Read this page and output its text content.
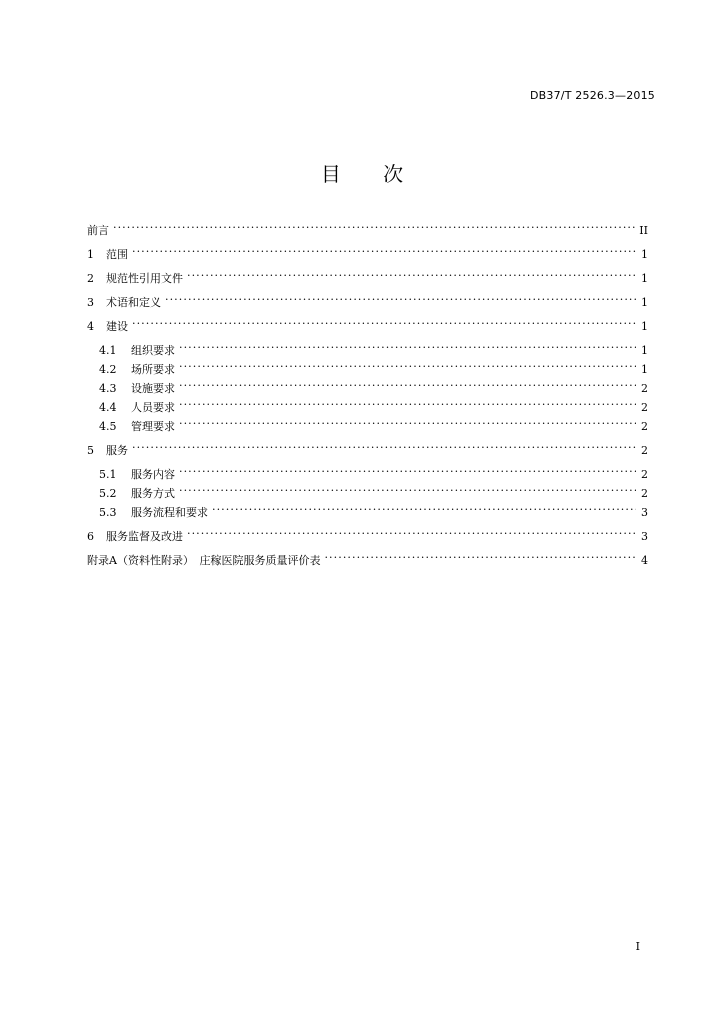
DB37/T 2526.3—2015
目 次
前言 . . .	II
1	范围 . . .	1
2	规范性引用文件 . . .	1
3	术语和定义 . . .	1
4	建设 . . .	1
4.1	组织要求 . . .	1
4.2	场所要求 . . .	1
4.3	设施要求 . . .	2
4.4	人员要求 . . .	2
4.5	管理要求 . . .	2
5	服务 . . .	2
5.1	服务内容 . . .	2
5.2	服务方式 . . .	2
5.3	服务流程和要求 . . .	3
6	服务监督及改进 . . .	3
附录A（资料性附录）　庄稼医院服务质量评价表 . . .	4
I
